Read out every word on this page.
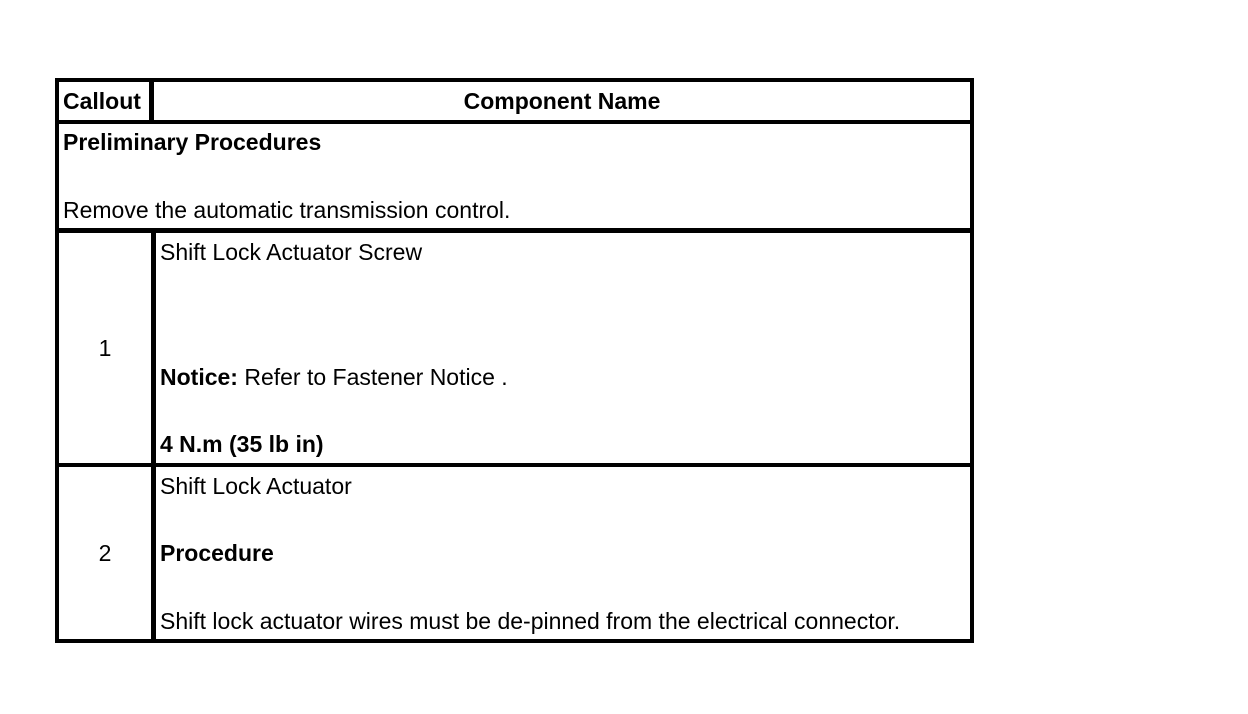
Callout	Component Name
Preliminary Procedures
Remove the automatic transmission control.
1
Shift Lock Actuator Screw
Notice: Refer to Fastener Notice .
4 N.m (35 lb in)
2
Shift Lock Actuator
Procedure
Shift lock actuator wires must be de-pinned from the electrical connector.
